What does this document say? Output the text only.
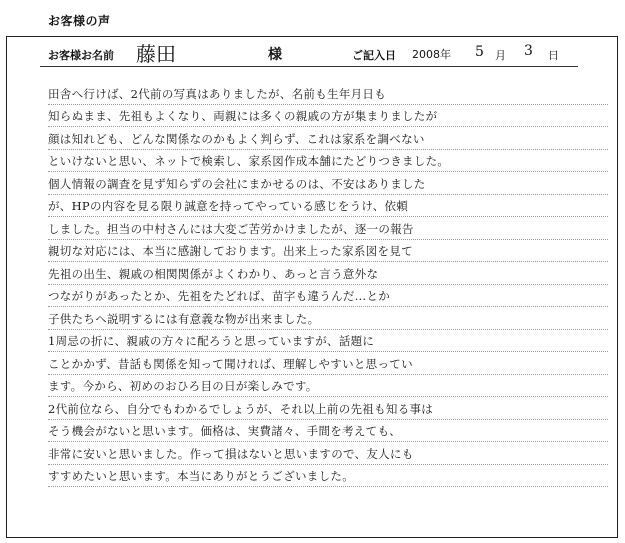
お客様の声
お客様お名前 藤田	様	ご記入日 2008年 5 月 3 日
田舎へ行けば、2代前の写真はありましたが、名前も生年月日も
知らぬまま、先祖もよくなり、両親には多くの親戚の方が集まりましたが
顔は知れども、どんな関係なのかもよく判らず、これは家系を調べない
といけないと思い、ネットで検索し、家系図作成本舗にたどりつきました。
個人情報の調査を見ず知らずの会社にまかせるのは、不安はありました
が、HPの内容を見る限り誠意を持ってやっている感じをうけ、依頼
しました。担当の中村さんには大変ご苦労かけましたが、逐一の報告
親切な対応には、本当に感謝しております。出来上った家系図を見て
先祖の出生、親戚の相関関係がよくわかり、あっと言う意外な
つながりがあったとか、先祖をたどれば、苗字も違うんだ…とか
子供たちへ説明するには有意義な物が出来ました。
1周忌の折に、親戚の方々に配ろうと思っていますが、話題に
ことかかず、昔話も関係を知って聞ければ、理解しやすいと思ってい
ます。今から、初めのおひろ目の日が楽しみです。
2代前位なら、自分でもわかるでしょうが、それ以上前の先祖も知る事は
そう機会がないと思います。価格は、実費諸々、手間を考えても、
非常に安いと思いました。作って損はないと思いますので、友人にも
すすめたいと思います。本当にありがとうございました。
